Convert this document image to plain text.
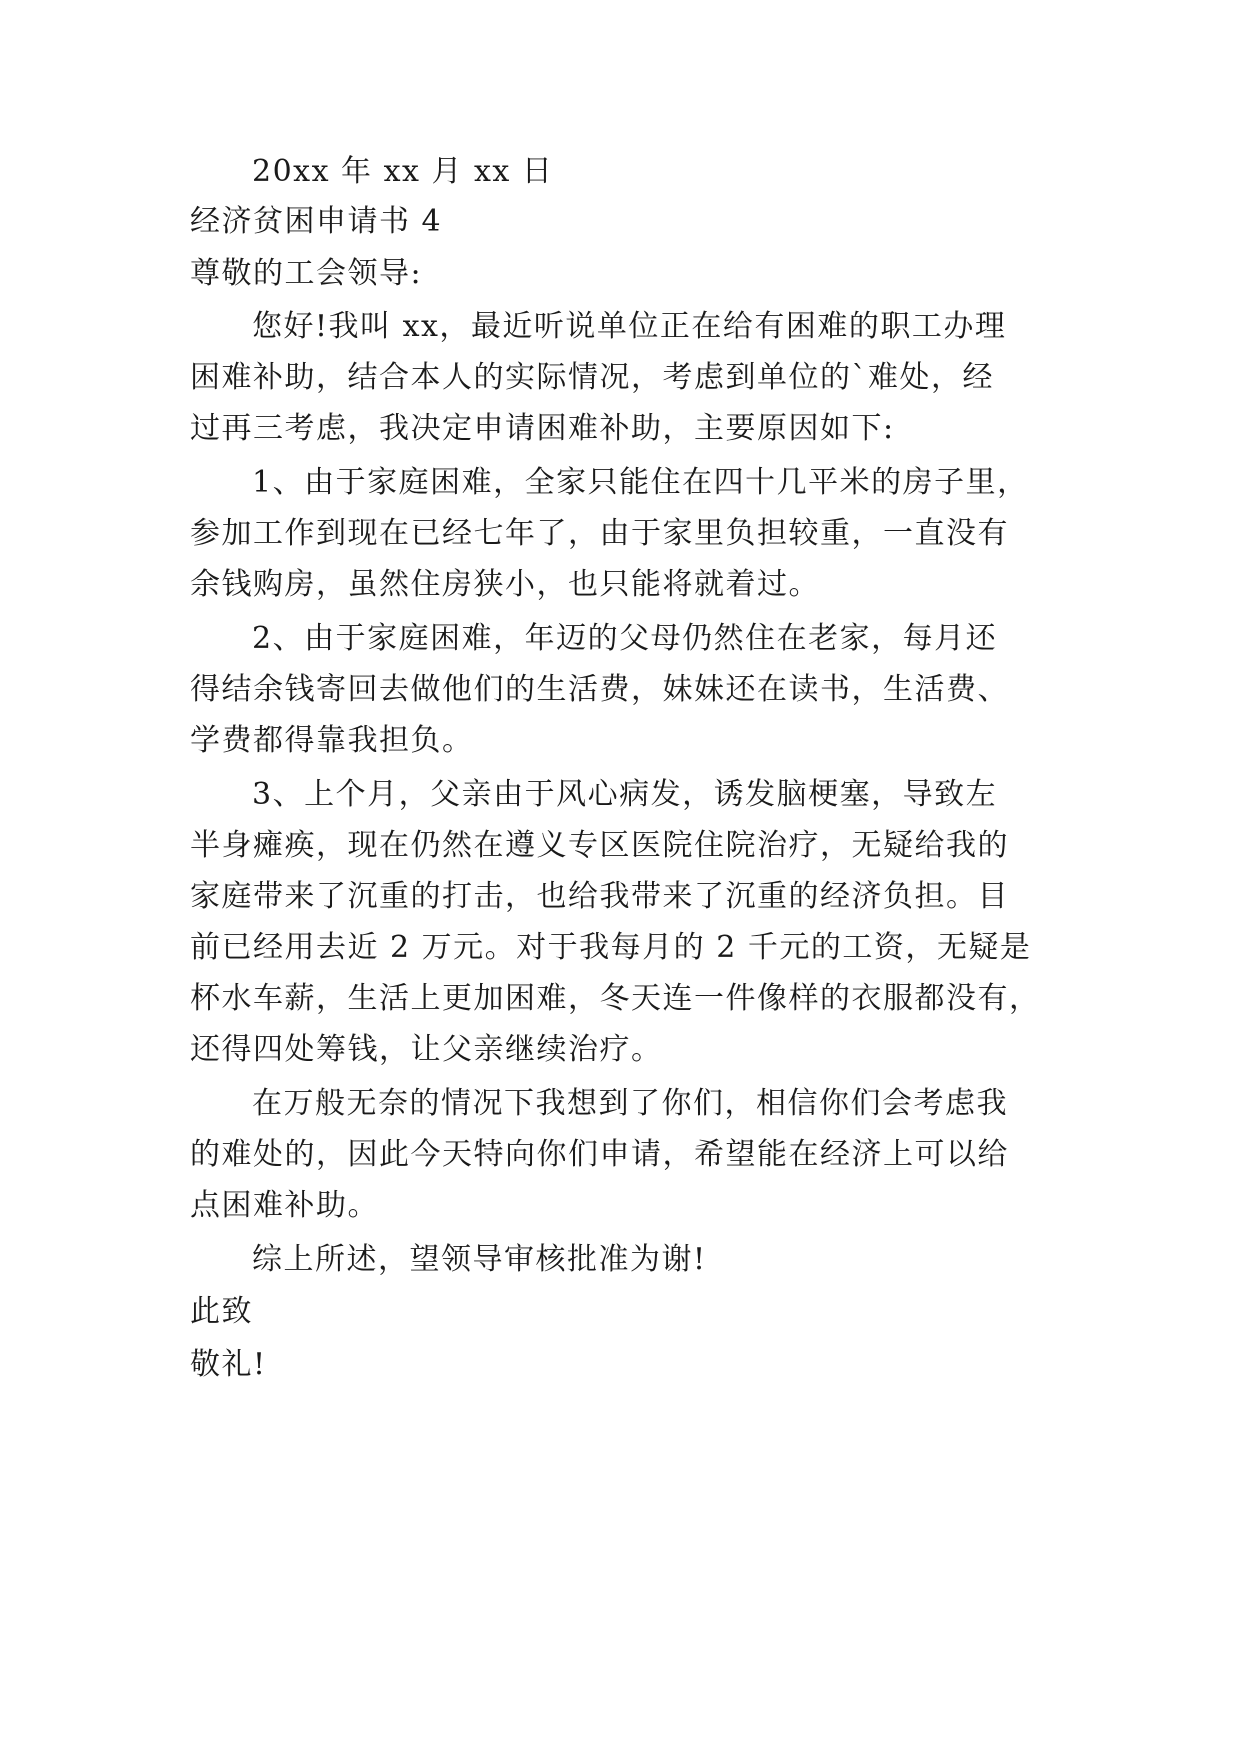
20xx 年 xx 月 xx 日
经济贫困申请书 4
尊敬的工会领导:
您好!我叫 xx，最近听说单位正在给有困难的职工办理
困难补助，结合本人的实际情况，考虑到单位的`难处，经
过再三考虑，我决定申请困难补助，主要原因如下:
1、由于家庭困难，全家只能住在四十几平米的房子里，
参加工作到现在已经七年了，由于家里负担较重，一直没有
余钱购房，虽然住房狭小，也只能将就着过。
2、由于家庭困难，年迈的父母仍然住在老家，每月还
得结余钱寄回去做他们的生活费，妹妹还在读书，生活费、
学费都得靠我担负。
3、上个月，父亲由于风心病发，诱发脑梗塞，导致左
半身瘫痪，现在仍然在遵义专区医院住院治疗，无疑给我的
家庭带来了沉重的打击，也给我带来了沉重的经济负担。目
前已经用去近 2 万元。对于我每月的 2 千元的工资，无疑是
杯水车薪，生活上更加困难，冬天连一件像样的衣服都没有，
还得四处筹钱，让父亲继续治疗。
在万般无奈的情况下我想到了你们，相信你们会考虑我
的难处的，因此今天特向你们申请，希望能在经济上可以给
点困难补助。
综上所述，望领导审核批准为谢!
此致
敬礼!
